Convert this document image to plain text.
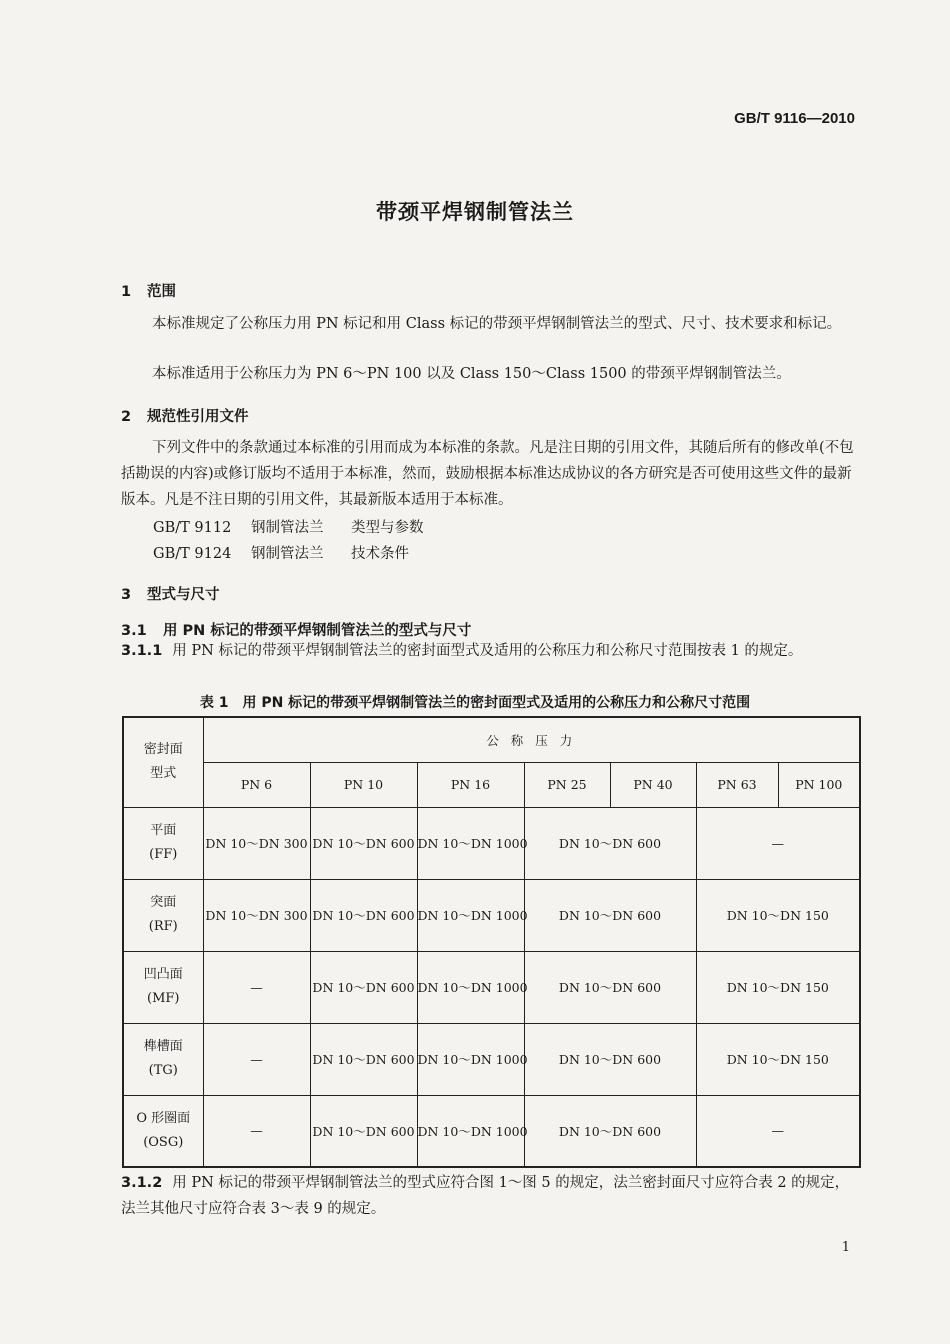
GB/T 9116—2010
带颈平焊钢制管法兰
1 范围
本标准规定了公称压力用 PN 标记和用 Class 标记的带颈平焊钢制管法兰的型式、尺寸、技术要求和标记。
本标准适用于公称压力为 PN 6～PN 100 以及 Class 150～Class 1500 的带颈平焊钢制管法兰。
2 规范性引用文件
下列文件中的条款通过本标准的引用而成为本标准的条款。凡是注日期的引用文件，其随后所有的修改单(不包括勘误的内容)或修订版均不适用于本标准，然而，鼓励根据本标准达成协议的各方研究是否可使用这些文件的最新版本。凡是不注日期的引用文件，其最新版本适用于本标准。
GB/T 9112 钢制管法兰 类型与参数
GB/T 9124 钢制管法兰 技术条件
3 型式与尺寸
3.1 用 PN 标记的带颈平焊钢制管法兰的型式与尺寸
3.1.1 用 PN 标记的带颈平焊钢制管法兰的密封面型式及适用的公称压力和公称尺寸范围按表 1 的规定。
表 1　用 PN 标记的带颈平焊钢制管法兰的密封面型式及适用的公称压力和公称尺寸范围
密封面
型式	公 称 压 力						
	PN 6	PN 10	PN 16	PN 25	PN 40	PN 63	PN 100

平面
(FF)	DN 10～DN 300	DN 10～DN 600	DN 10～DN 1000	DN 10～DN 600		—	

突面
(RF)	DN 10～DN 300	DN 10～DN 600	DN 10～DN 1000	DN 10～DN 600		DN 10～DN 150	

凹凸面
(MF)	—	DN 10～DN 600	DN 10～DN 1000	DN 10～DN 600		DN 10～DN 150	

榫槽面
(TG)	—	DN 10～DN 600	DN 10～DN 1000	DN 10～DN 600		DN 10～DN 150	

O 形圈面
(OSG)	—	DN 10～DN 600	DN 10～DN 1000	DN 10～DN 600		—	
3.1.2 用 PN 标记的带颈平焊钢制管法兰的型式应符合图 1～图 5 的规定，法兰密封面尺寸应符合表 2 的规定，法兰其他尺寸应符合表 3～表 9 的规定。
1
